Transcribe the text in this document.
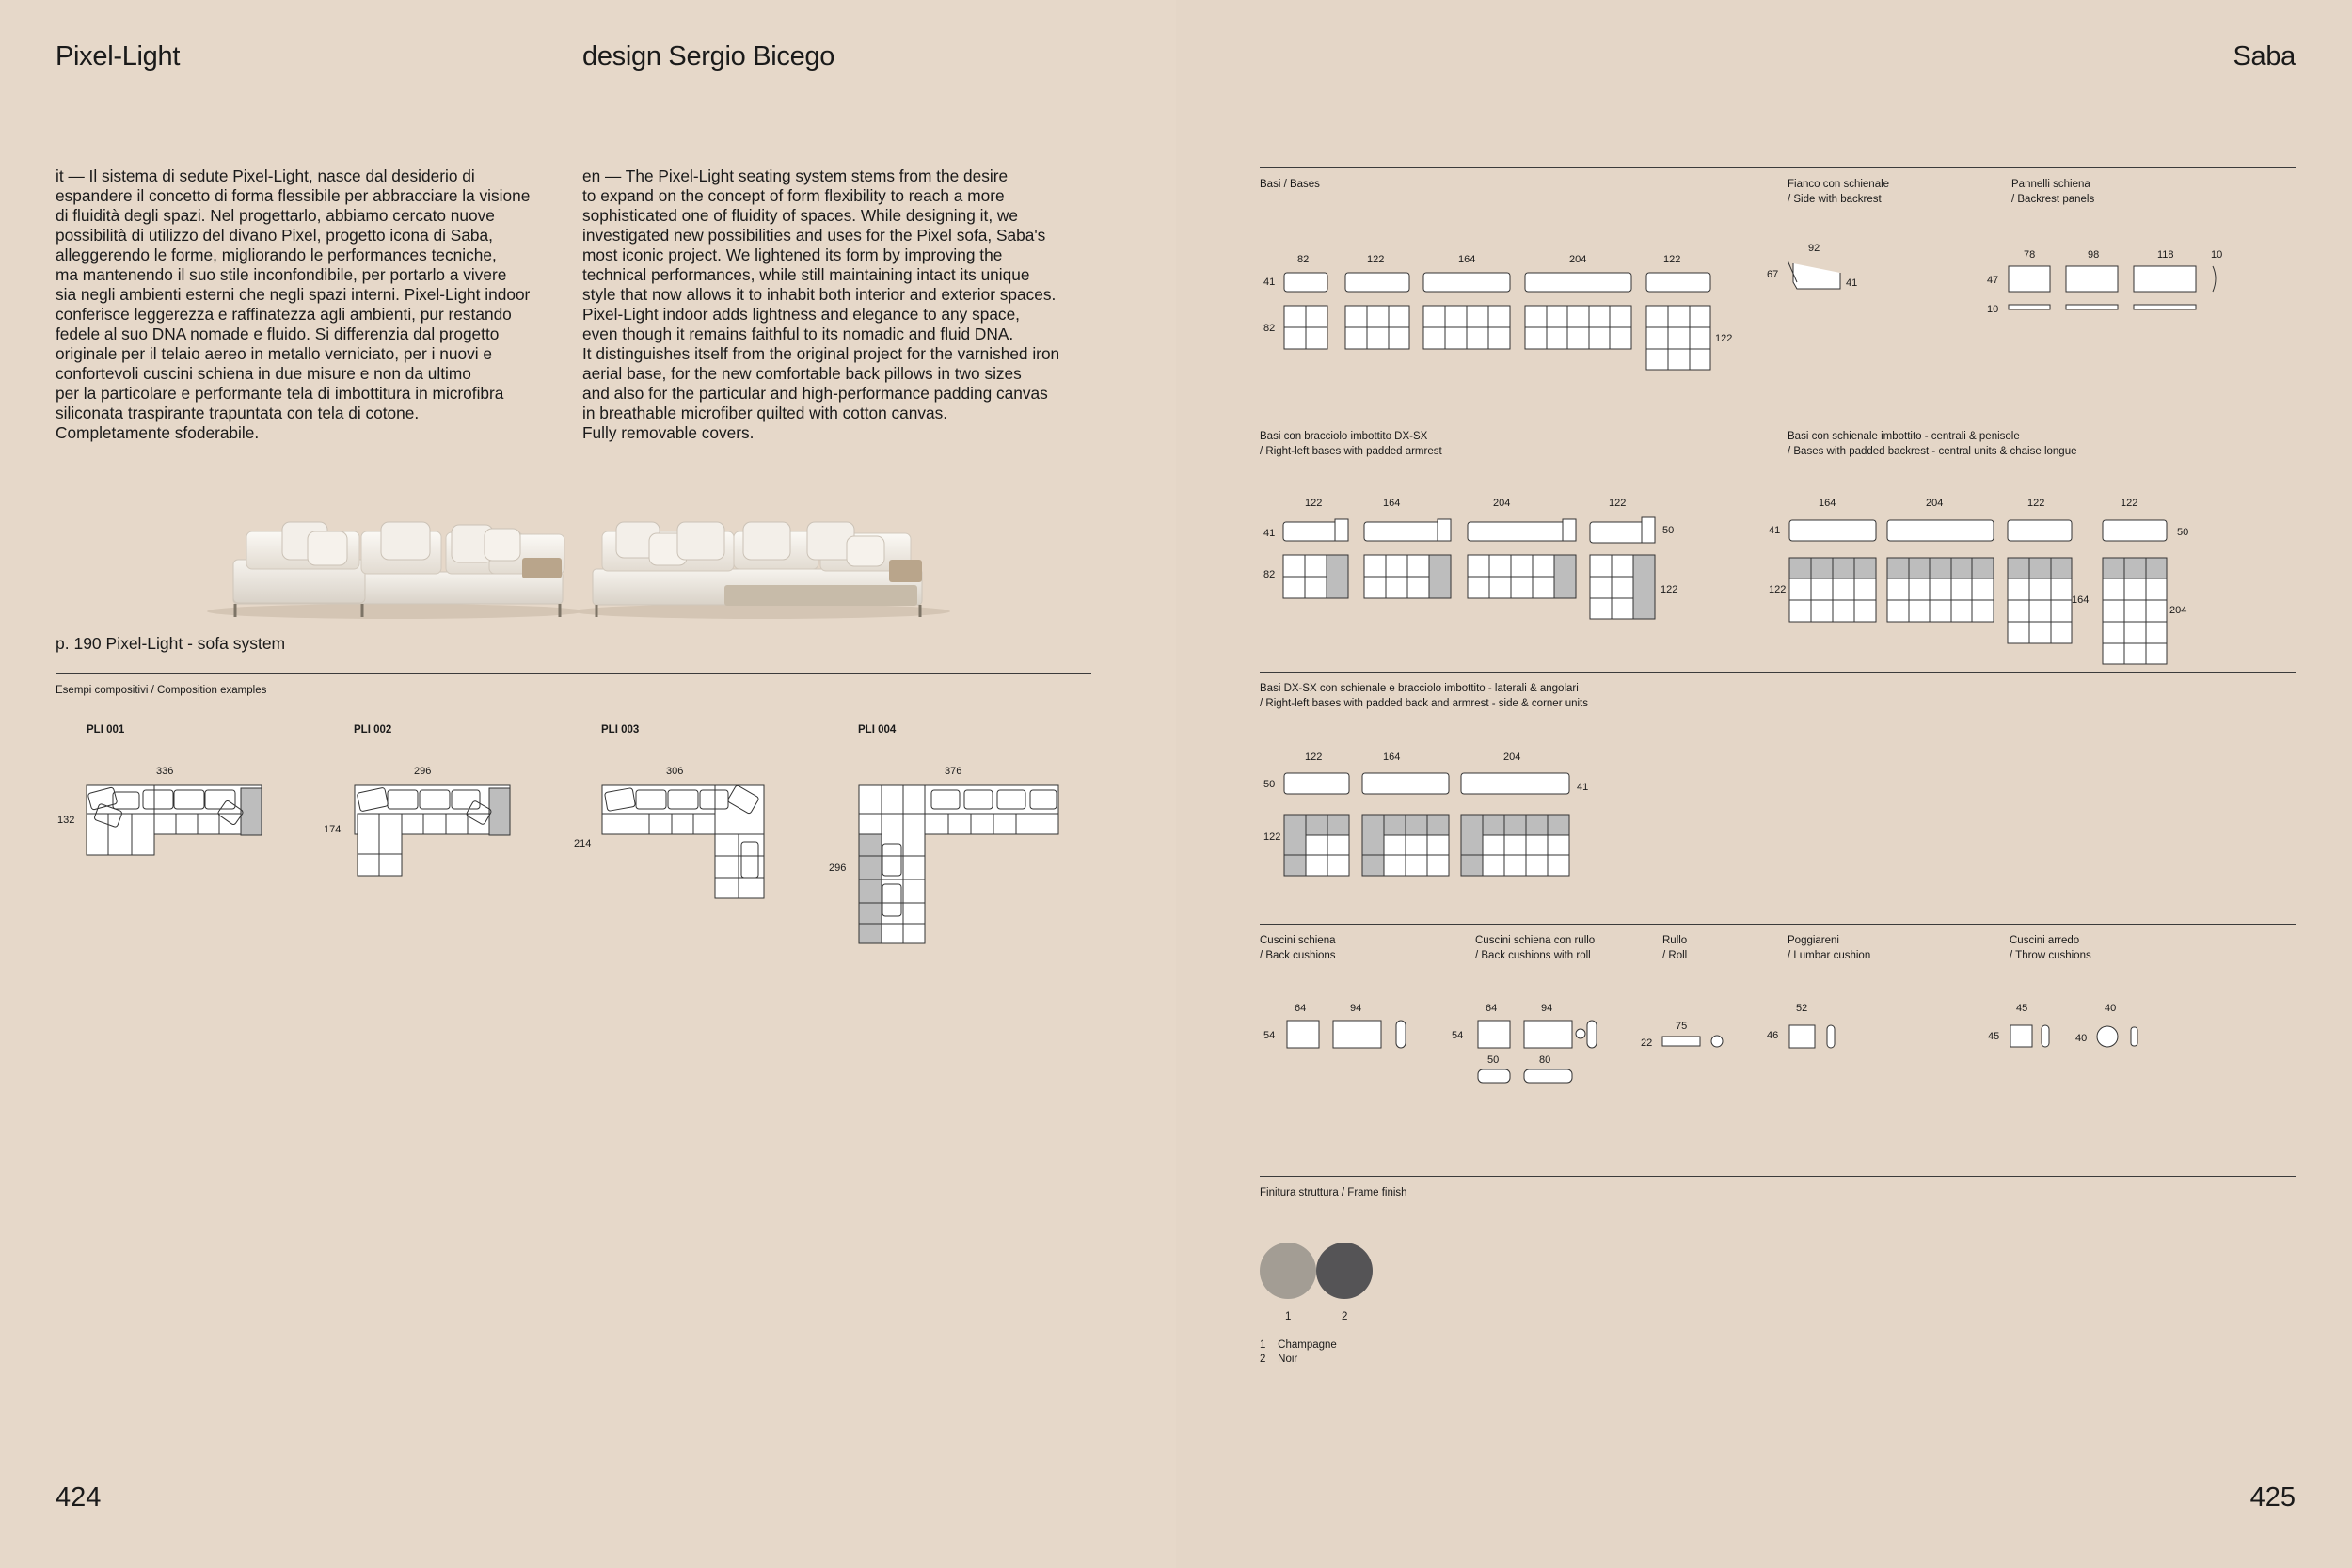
Pixel-Light	design Sergio Bicego
it — Il sistema di sedute Pixel-Light, nasce dal desiderio di
espandere il concetto di forma flessibile per abbracciare la visione
di fluidità degli spazi. Nel progettarlo, abbiamo cercato nuove
possibilità di utilizzo del divano Pixel, progetto icona di Saba,
alleggerendo le forme, migliorando le performances tecniche,
ma mantenendo il suo stile inconfondibile, per portarlo a vivere
sia negli ambienti esterni che negli spazi interni. Pixel-Light indoor
conferisce leggerezza e raffinatezza agli ambienti, pur restando
fedele al suo DNA nomade e fluido. Si differenzia dal progetto
originale per il telaio aereo in metallo verniciato, per i nuovi e
confortevoli cuscini schiena in due misure e non da ultimo
per la particolare e performante tela di imbottitura in microfibra
siliconata traspirante trapuntata con tela di cotone.
Completamente sfoderabile.
en — The Pixel-Light seating system stems from the desire
to expand on the concept of form flexibility to reach a more
sophisticated one of fluidity of spaces. While designing it, we
investigated new possibilities and uses for the Pixel sofa, Saba's
most iconic project. We lightened its form by improving the
technical performances, while still maintaining intact its unique
style that now allows it to inhabit both interior and exterior spaces.
Pixel-Light indoor adds lightness and elegance to any space,
even though it remains faithful to its nomadic and fluid DNA.
It distinguishes itself from the original project for the varnished iron
aerial base, for the new comfortable back pillows in two sizes
and also for the particular and high-performance padding canvas
in breathable microfiber quilted with cotton canvas.
Fully removable covers.
p. 190 Pixel-Light - sofa system
Esempi compositivi / Composition examples
PLI 001	PLI 002	PLI 003	PLI 004
336
132
296
174
306
214
376
296
424
Saba
Basi / Bases	Fianco con schienale
/ Side with backrest
Pannelli schiena
/ Backrest panels
Basi con bracciolo imbottito DX-SX
/ Right-left bases with padded armrest
Basi con schienale imbottito - centrali & penisole
/ Bases with padded backrest - central units & chaise longue
Basi DX-SX con schienale e bracciolo imbottito - laterali & angolari
/ Right-left bases with padded back and armrest - side & corner units
Cuscini schiena
/ Back cushions
Cuscini schiena con rullo
/ Back cushions with roll
Rullo
/ Roll
Poggiareni
/ Lumbar cushion
Cuscini arredo
/ Throw cushions
Finitura struttura / Frame finish
82	122	164	204	122
41
82
122
92
67
41
78	98	118	10
47
10
122	164	204	122
41	50
82
122
164	204	122	122
41	50
122
164
204
122	164	204
50	41
122
64	94
54
64	94
54
50	80
75
22
52
46
45	40
45	40
1	2
1    Champagne
2    Noir
425
